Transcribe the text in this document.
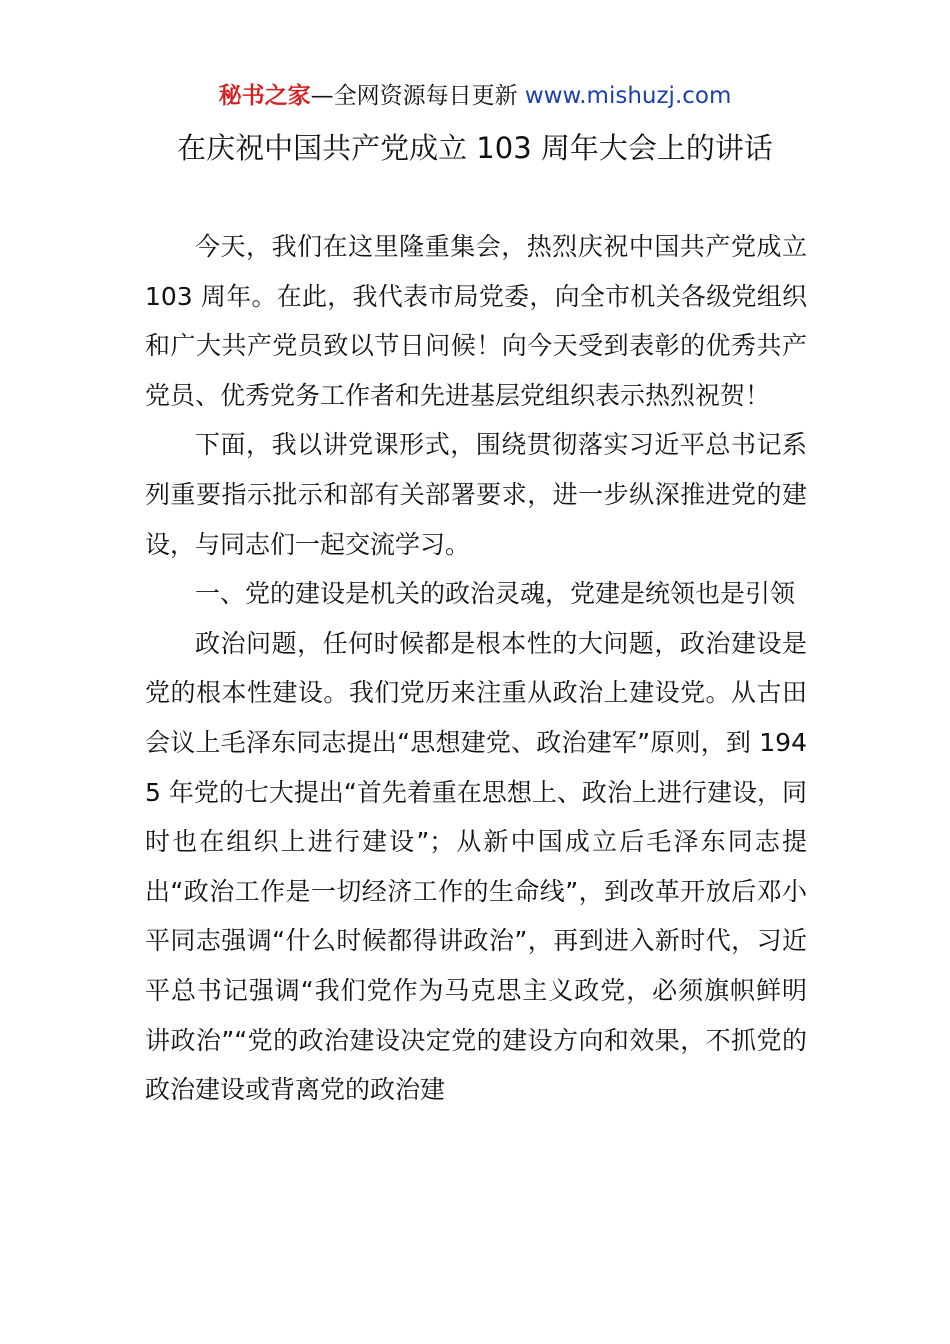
秘书之家—全网资源每日更新 www.mishuzj.com
在庆祝中国共产党成立 103 周年大会上的讲话

今天，我们在这里隆重集会，热烈庆祝中国共产党成立 103 周年。在此，我代表市局党委，向全市机关各级党组织和广大共产党员致以节日问候！向今天受到表彰的优秀共产党员、优秀党务工作者和先进基层党组织表示热烈祝贺！

下面，我以讲党课形式，围绕贯彻落实习近平总书记系列重要指示批示和部有关部署要求，进一步纵深推进党的建设，与同志们一起交流学习。

一、党的建设是机关的政治灵魂，党建是统领也是引领

政治问题，任何时候都是根本性的大问题，政治建设是党的根本性建设。我们党历来注重从政治上建设党。从古田会议上毛泽东同志提出“思想建党、政治建军”原则，到 1945 年党的七大提出“首先着重在思想上、政治上进行建设，同时也在组织上进行建设”；从新中国成立后毛泽东同志提出“政治工作是一切经济工作的生命线”，到改革开放后邓小平同志强调“什么时候都得讲政治”，再到进入新时代，习近平总书记强调“我们党作为马克思主义政党，必须旗帜鲜明讲政治”“党的政治建设决定党的建设方向和效果，不抓党的政治建设或背离党的政治建
